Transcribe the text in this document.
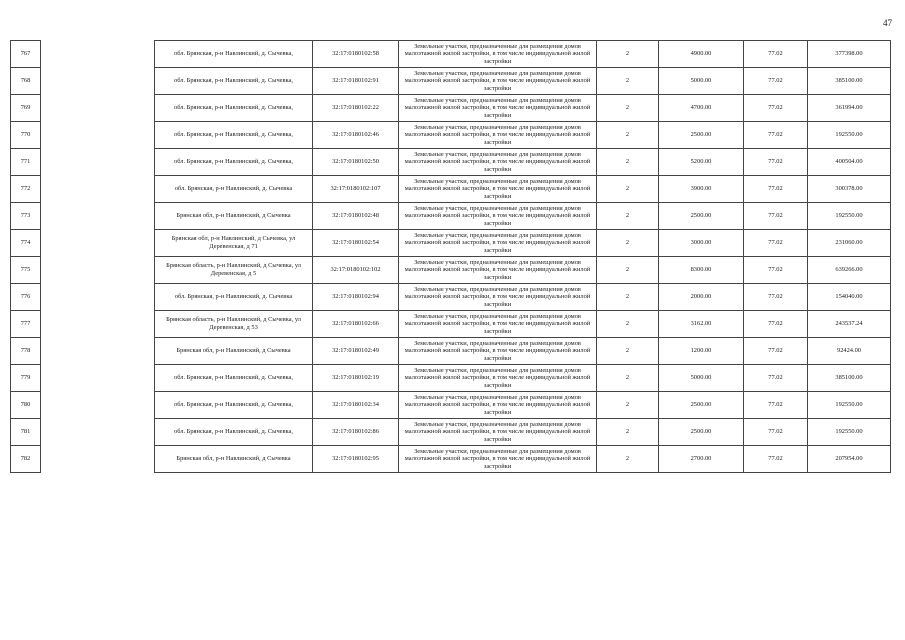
47
767		обл. Брянская, р-н Навлинский, д. Сычевка,	32:17:0180102:58	Земельные участки, предназначенные для размещения домов малоэтажной жилой застройки, в том числе индивидуальной жилой застройки	2	4900.00	77.02	377398.00
768		обл. Брянская, р-н Навлинский, д. Сычевка,	32:17:0180102:91	Земельные участки, предназначенные для размещения домов малоэтажной жилой застройки, в том числе индивидуальной жилой застройки	2	5000.00	77.02	385100.00
769		обл. Брянская, р-н Навлинский, д. Сычевка,	32:17:0180102:22	Земельные участки, предназначенные для размещения домов малоэтажной жилой застройки, в том числе индивидуальной жилой застройки	2	4700.00	77.02	361994.00
770		обл. Брянская, р-н Навлинский, д. Сычевка,	32:17:0180102:46	Земельные участки, предназначенные для размещения домов малоэтажной жилой застройки, в том числе индивидуальной жилой застройки	2	2500.00	77.02	192550.00
771		обл. Брянская, р-н Навлинский, д. Сычевка,	32:17:0180102:50	Земельные участки, предназначенные для размещения домов малоэтажной жилой застройки, в том числе индивидуальной жилой застройки	2	5200.00	77.02	400504.00
772		обл. Брянская, р-н Навлинский, д. Сычевка	32:17:0180102:107	Земельные участки, предназначенные для размещения домов малоэтажной жилой застройки, в том числе индивидуальной жилой застройки	2	3900.00	77.02	300378.00
773		Брянская обл, р-н Навлинский, д Сычевка	32:17:0180102:48	Земельные участки, предназначенные для размещения домов малоэтажной жилой застройки, в том числе индивидуальной жилой застройки	2	2500.00	77.02	192550.00
774		Брянская обл, р-н Навлинский, д Сычевка, ул Деревенская, д 71	32:17:0180102:54	Земельные участки, предназначенные для размещения домов малоэтажной жилой застройки, в том числе индивидуальной жилой застройки	2	3000.00	77.02	231060.00
775		Брянская область, р-н Навлинский, д Сычевка, ул Деревенская, д 5	32:17:0180102:102	Земельные участки, предназначенные для размещения домов малоэтажной жилой застройки, в том числе индивидуальной жилой застройки	2	8300.00	77.02	639266.00
776		обл. Брянская, р-н Навлинский, д. Сычевка	32:17:0180102:94	Земельные участки, предназначенные для размещения домов малоэтажной жилой застройки, в том числе индивидуальной жилой застройки	2	2000.00	77.02	154040.00
777		Брянская область, р-н Навлинский, д Сычевка, ул Деревенская, д 53	32:17:0180102:66	Земельные участки, предназначенные для размещения домов малоэтажной жилой застройки, в том числе индивидуальной жилой застройки	2	3162.00	77.02	243537.24
778		Брянская обл, р-н Навлинский, д Сычевка	32:17:0180102:49	Земельные участки, предназначенные для размещения домов малоэтажной жилой застройки, в том числе индивидуальной жилой застройки	2	1200.00	77.02	92424.00
779		обл. Брянская, р-н Навлинский, д. Сычевка,	32:17:0180102:19	Земельные участки, предназначенные для размещения домов малоэтажной жилой застройки, в том числе индивидуальной жилой застройки	2	5000.00	77.02	385100.00
780		обл. Брянская, р-н Навлинский, д. Сычевка,	32:17:0180102:34	Земельные участки, предназначенные для размещения домов малоэтажной жилой застройки, в том числе индивидуальной жилой застройки	2	2500.00	77.02	192550.00
781		обл. Брянская, р-н Навлинский, д. Сычевка,	32:17:0180102:86	Земельные участки, предназначенные для размещения домов малоэтажной жилой застройки, в том числе индивидуальной жилой застройки	2	2500.00	77.02	192550.00
782		Брянская обл, р-н Навлинский, д Сычевка	32:17:0180102:95	Земельные участки, предназначенные для размещения домов малоэтажной жилой застройки, в том числе индивидуальной жилой застройки	2	2700.00	77.02	207954.00
